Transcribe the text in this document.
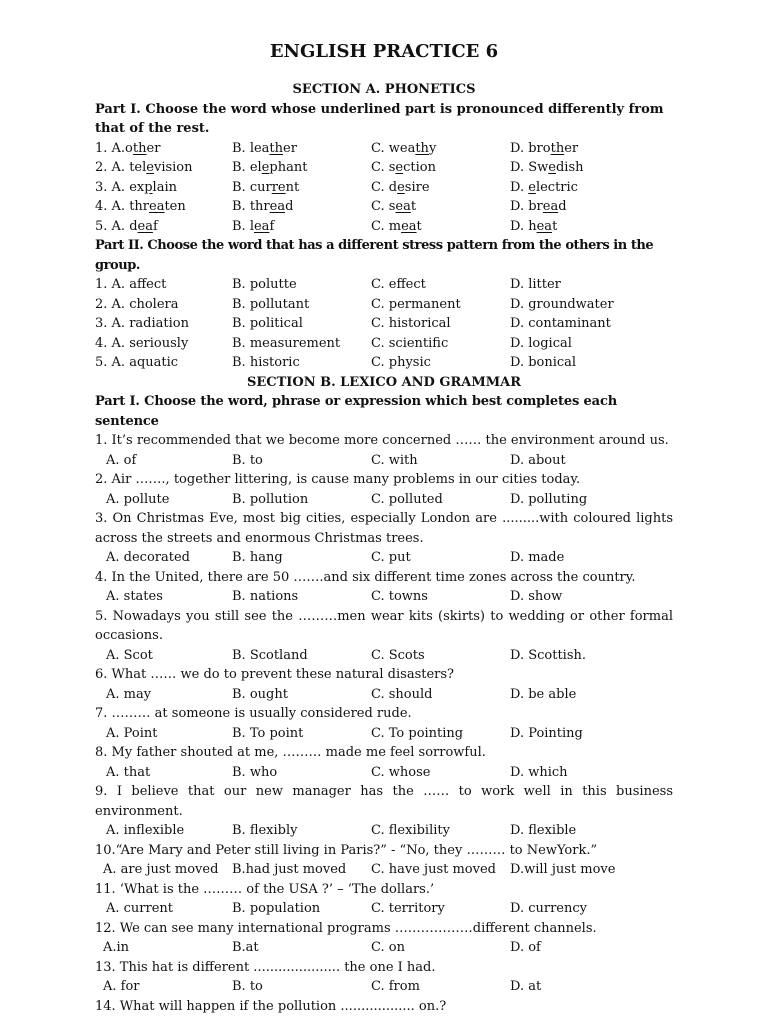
ENGLISH PRACTICE 6
SECTION A. PHONETICS
Part I. Choose the word whose underlined part is pronounced differently from that of the rest.
1. A.other	B. leather	C. weathy	D. brother
2. A. television	B. elephant	C. section	D. Swedish
3. A. explain	B. current	C. desire	D. electric
4. A. threaten	B. thread	C. seat	D. bread
5. A. deaf	B. leaf	C. meat	D. heat
Part II. Choose the word that has a different stress pattern from the others in the group.
1. A. affect	B. polutte	C. effect	D. litter
2. A. cholera	B. pollutant	C. permanent	D. groundwater
3. A. radiation	B. political	C. historical	D. contaminant
4. A. seriously	B. measurement	C. scientific	D. logical
5. A. aquatic	B. historic	C. physic	D. bonical
SECTION B. LEXICO AND GRAMMAR
Part I. Choose the word, phrase or expression which best completes each sentence
1. It’s recommended that we become more concerned …… the environment around us.
A. of	B. to	C. with	D. about
2. Air ……., together littering, is cause many problems in our cities today.
A. pollute	B. pollution	C. polluted	D. polluting
3. On Christmas Eve, most big cities, especially London are .........with coloured lights across the streets and enormous Christmas trees.
A. decorated	B. hang	C. put	D. made
4. In the United, there are 50 …….and six different time zones across the country.
A. states	B. nations	C. towns	D. show
5. Nowadays you still see the ………men wear kits (skirts) to wedding or other formal occasions.
A. Scot	B. Scotland	C. Scots	D. Scottish.
6. What …… we do to prevent these natural disasters?
A. may	B. ought	C. should	D. be able
7. ……… at someone is usually considered rude.
A. Point	B. To point	C. To pointing	D. Pointing
8. My father shouted at me, ……… made me feel sorrowful.
A. that	B. who	C. whose	D. which
9. I believe that our new manager has the …… to work well in this business environment.
A. inflexible	B. flexibly	C. flexibility	D. flexible
10.“Are Mary and Peter still living in Paris?” - “No, they ……… to NewYork.”
A. are just moved	B.had just moved	C. have just moved	D.will just move
11. ‘What is the ……… of the USA ?’ – ‘The dollars.’
A. current	B. population	C. territory	D. currency
12. We can see many international programs ………………different channels.
A.in	B.at	C. on	D. of
13. This hat is different ..................... the one I had.
A. for	B. to	C. from	D. at
14. What will happen if the pollution .................. on.?
